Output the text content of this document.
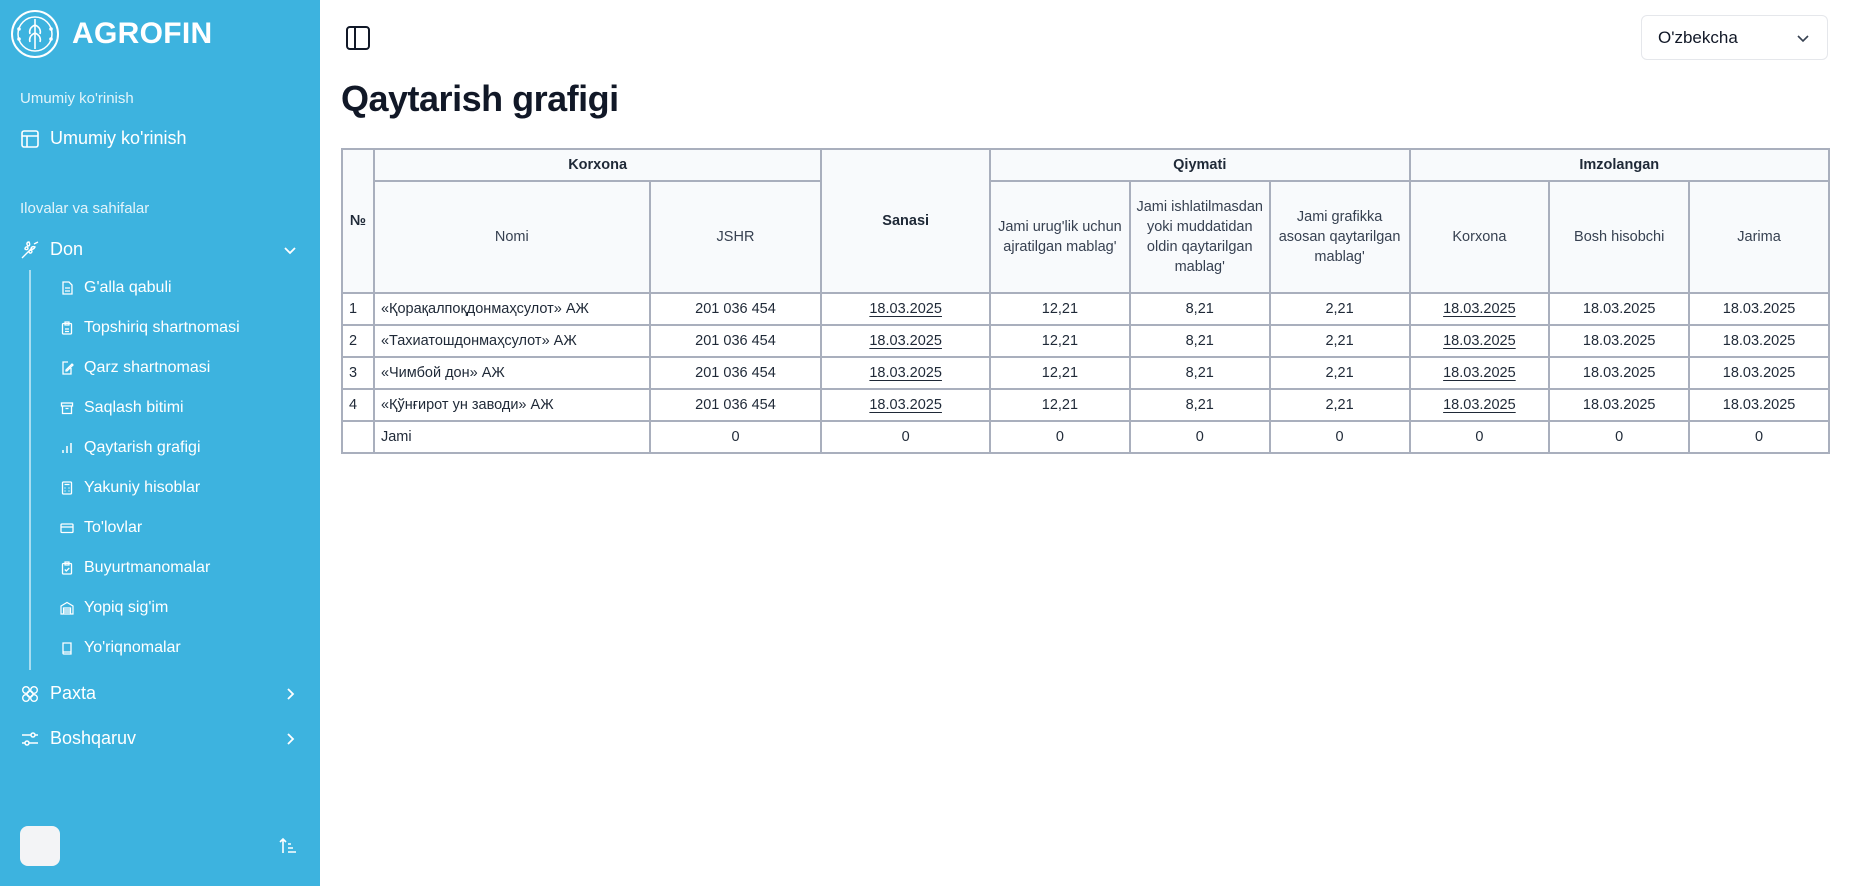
AGROFIN
Umumiy ko'rinish
Umumiy ko'rinish
Ilovalar va sahifalar
Don
G'alla qabuli
Topshiriq shartnomasi
Qarz shartnomasi
Saqlash bitimi
Qaytarish grafigi
Yakuniy hisoblar
To'lovlar
Buyurtmanomalar
Yopiq sig'im
Yo'riqnomalar
Paxta
Boshqaruv
O'zbekcha
Qaytarish grafigi
№	Korxona		Sanasi	Qiymati			Imzolangan		
	Nomi	JSHR		Jami urug'lik uchun ajratilgan mablag'	Jami ishlatilmasdan yoki muddatidan oldin qaytarilgan mablag'	Jami grafikka asosan qaytarilgan mablag'	Korxona	Bosh hisobchi	Jarima
1	«Қорақалпоқдонмаҳсулот» АЖ	201 036 454	18.03.2025	12,21	8,21	2,21	18.03.2025	18.03.2025	18.03.2025
2	«Тахиатошдонмаҳсулот» АЖ	201 036 454	18.03.2025	12,21	8,21	2,21	18.03.2025	18.03.2025	18.03.2025
3	«Чимбой дон» АЖ	201 036 454	18.03.2025	12,21	8,21	2,21	18.03.2025	18.03.2025	18.03.2025
4	«Қўнғирот ун заводи» АЖ	201 036 454	18.03.2025	12,21	8,21	2,21	18.03.2025	18.03.2025	18.03.2025
	Jami	0	0	0	0	0	0	0	0
